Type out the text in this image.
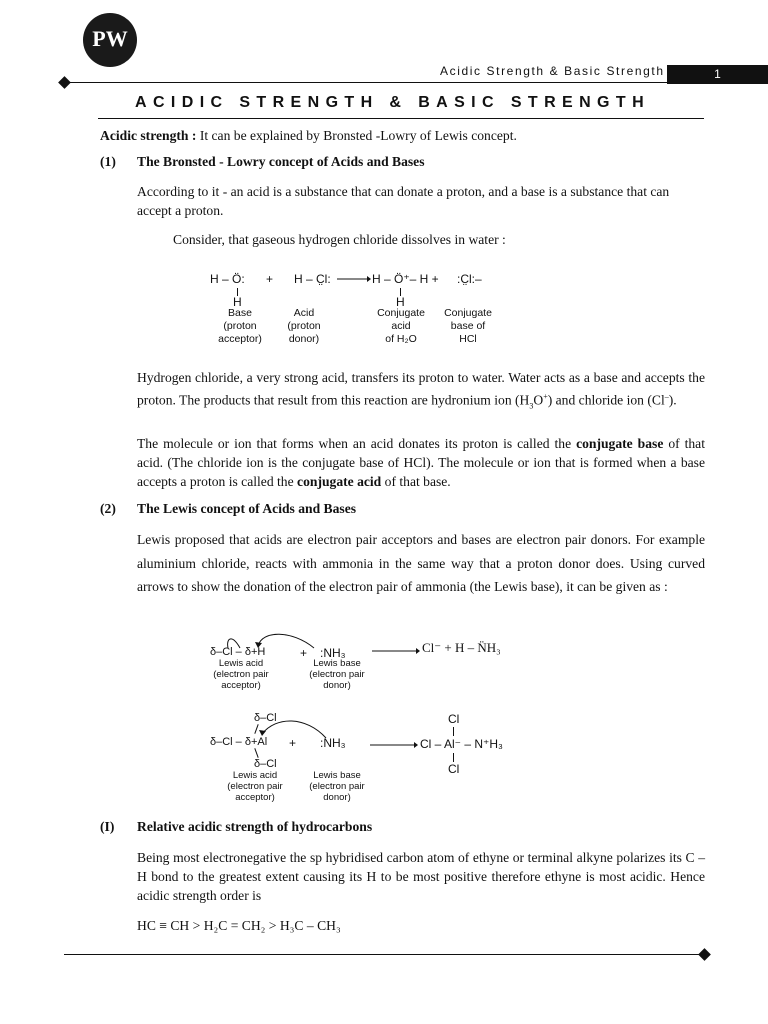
PW
Acidic Strength & Basic Strength	1
ACIDIC STRENGTH & BASIC STRENGTH

Acidic strength : It can be explained by Bronsted -Lowry of Lewis concept.

(1) The Bronsted - Lowry concept of Acids and Bases

According to it - an acid is a substance that can donate a proton, and a base is a substance that can accept a proton.

Consider, that gaseous hydrogen chloride dissolves in water :

H – Ö: + H – C̤l:	H – Ö⁺– H + :C̤l:–
H	H
Base
(proton
acceptor)
Acid
(proton
donor)
Conjugate
acid
of H₂O
Conjugate
base of
HCl

Hydrogen chloride, a very strong acid, transfers its proton to water. Water acts as a base and accepts the proton. The products that result from this reaction are hydronium ion $(H_3O^+)$ and chloride ion (Cl–).

The molecule or ion that forms when an acid donates its proton is called the conjugate base of that acid. (The chloride ion is the conjugate base of HCl). The molecule or ion that is formed when a base accepts a proton is called the conjugate acid of that base.

(2) The Lewis concept of Acids and Bases

Lewis proposed that acids are electron pair acceptors and bases are electron pair donors. For example aluminium chloride, reacts with ammonia in the same way that a proton donor does. Using curved arrows to show the donation of the electron pair of ammonia (the Lewis base), it can be given as :

δ–Cl – δ+H	+ :NH₃	Cl⁻ + H – N̈H₃
Lewis acid
(electron pair
acceptor)
Lewis base
(electron pair
donor)
δ–Cl
δ–Cl – δ+Al
δ–Cl
+ :NH₃
Cl
Cl – Al⁻ – N⁺H₃
Cl
Lewis acid
(electron pair
acceptor)
Lewis base
(electron pair
donor)
(I) Relative acidic strength of hydrocarbons

Being most electronegative the sp hybridised carbon atom of ethyne or terminal alkyne polarizes its C – H bond to the greatest extent causing its H to be most positive therefore ethyne is most acidic. Hence acidic strength order is

HC ≡ CH > H₂C = CH₂ > H₃C – CH₃
